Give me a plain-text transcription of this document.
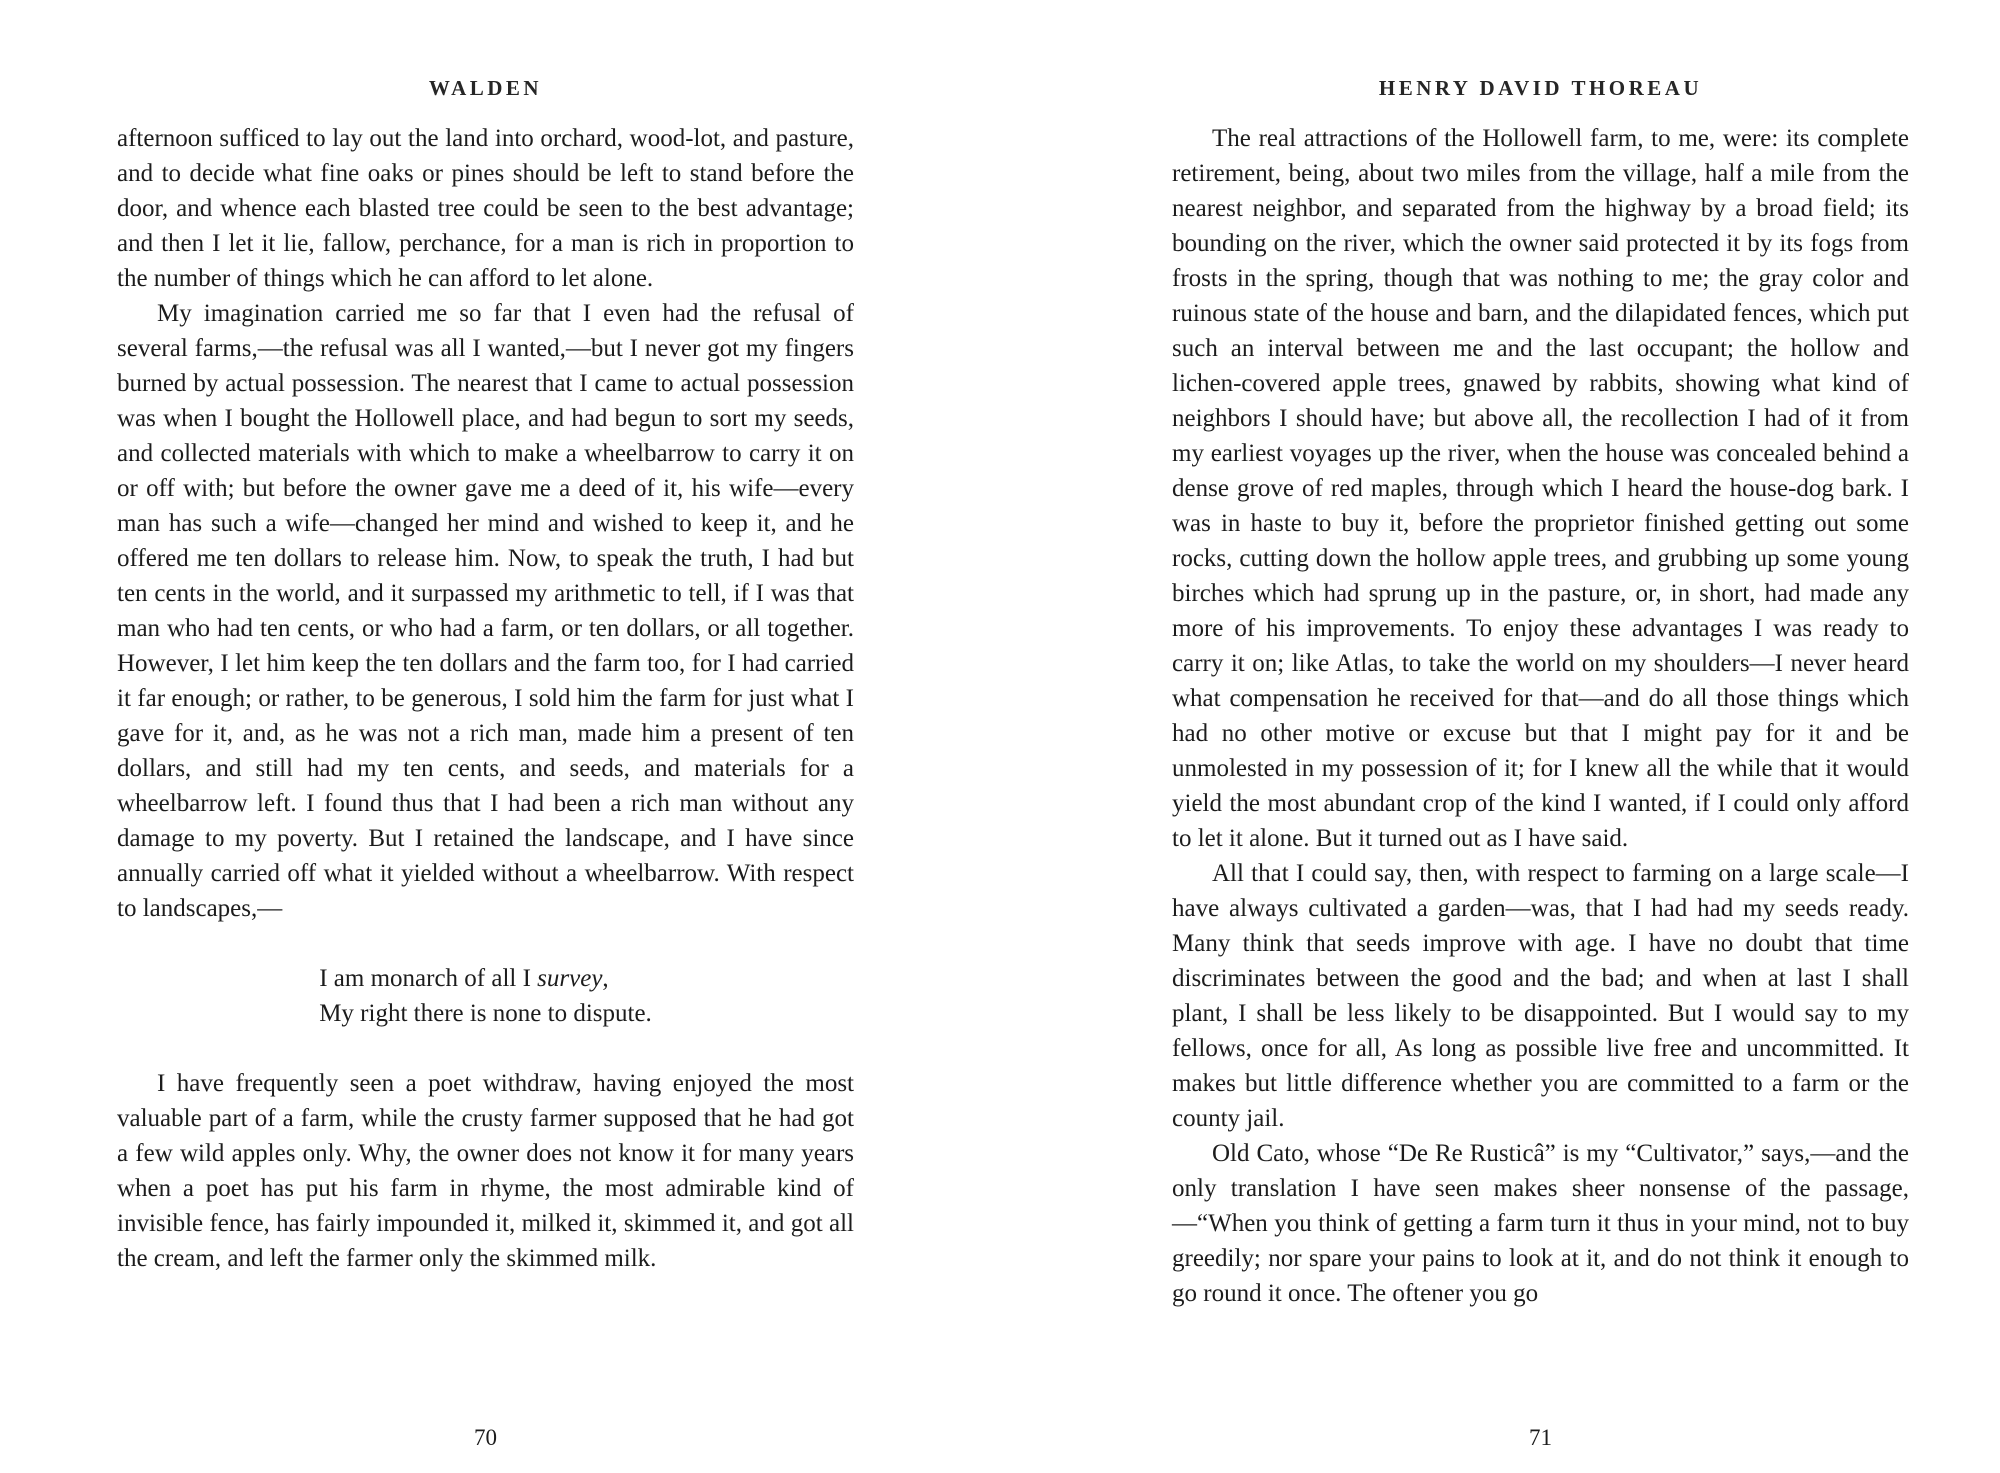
WALDEN

afternoon sufficed to lay out the land into orchard, wood-lot, and pasture, and to decide what fine oaks or pines should be left to stand before the door, and whence each blasted tree could be seen to the best advantage; and then I let it lie, fallow, perchance, for a man is rich in proportion to the number of things which he can afford to let alone.

My imagination carried me so far that I even had the refusal of several farms,—the refusal was all I wanted,—but I never got my fingers burned by actual possession. The nearest that I came to actual possession was when I bought the Hollowell place, and had begun to sort my seeds, and collected materials with which to make a wheelbarrow to carry it on or off with; but before the owner gave me a deed of it, his wife—every man has such a wife—changed her mind and wished to keep it, and he offered me ten dollars to release him. Now, to speak the truth, I had but ten cents in the world, and it surpassed my arithmetic to tell, if I was that man who had ten cents, or who had a farm, or ten dollars, or all together. However, I let him keep the ten dollars and the farm too, for I had carried it far enough; or rather, to be generous, I sold him the farm for just what I gave for it, and, as he was not a rich man, made him a present of ten dollars, and still had my ten cents, and seeds, and materials for a wheelbarrow left. I found thus that I had been a rich man without any damage to my poverty. But I retained the landscape, and I have since annually carried off what it yielded without a wheelbarrow. With respect to landscapes,—

I am monarch of all I survey,
My right there is none to dispute.

I have frequently seen a poet withdraw, having enjoyed the most valuable part of a farm, while the crusty farmer supposed that he had got a few wild apples only. Why, the owner does not know it for many years when a poet has put his farm in rhyme, the most admirable kind of invisible fence, has fairly impounded it, milked it, skimmed it, and got all the cream, and left the farmer only the skimmed milk.

70
HENRY DAVID THOREAU

The real attractions of the Hollowell farm, to me, were: its complete retirement, being, about two miles from the village, half a mile from the nearest neighbor, and separated from the highway by a broad field; its bounding on the river, which the owner said protected it by its fogs from frosts in the spring, though that was nothing to me; the gray color and ruinous state of the house and barn, and the dilapidated fences, which put such an interval between me and the last occupant; the hollow and lichen-covered apple trees, gnawed by rabbits, showing what kind of neighbors I should have; but above all, the recollection I had of it from my earliest voyages up the river, when the house was concealed behind a dense grove of red maples, through which I heard the house-dog bark. I was in haste to buy it, before the proprietor finished getting out some rocks, cutting down the hollow apple trees, and grubbing up some young birches which had sprung up in the pasture, or, in short, had made any more of his improvements. To enjoy these advantages I was ready to carry it on; like Atlas, to take the world on my shoulders—I never heard what compensation he received for that—and do all those things which had no other motive or excuse but that I might pay for it and be unmolested in my possession of it; for I knew all the while that it would yield the most abundant crop of the kind I wanted, if I could only afford to let it alone. But it turned out as I have said.

All that I could say, then, with respect to farming on a large scale—I have always cultivated a garden—was, that I had had my seeds ready. Many think that seeds improve with age. I have no doubt that time discriminates between the good and the bad; and when at last I shall plant, I shall be less likely to be disappointed. But I would say to my fellows, once for all, As long as possible live free and uncommitted. It makes but little difference whether you are committed to a farm or the county jail.

Old Cato, whose “De Re Rusticâ” is my “Cultivator,” says,—and the only translation I have seen makes sheer nonsense of the passage,—“When you think of getting a farm turn it thus in your mind, not to buy greedily; nor spare your pains to look at it, and do not think it enough to go round it once. The oftener you go

71
